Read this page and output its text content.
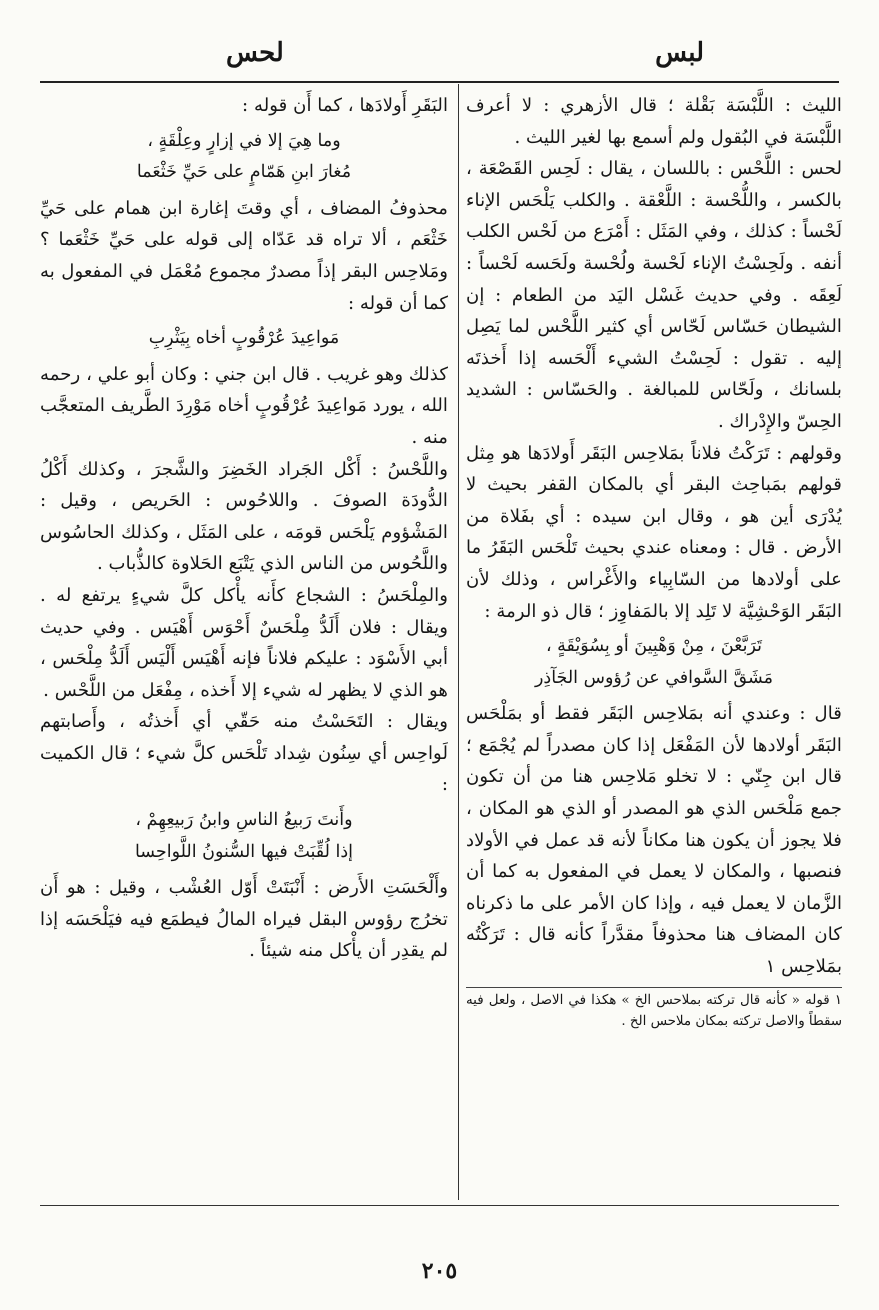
لبس
لحس

الليث : اللَّبْسَة بَقْلة ؛ قال الأزهري : لا أعرف اللَّبْسَة في البُقول ولم أسمع بها لغير الليث .

لحس : اللَّحْس : باللسان ، يقال : لَحِس القَصْعَة ، بالكسر ، واللُّحْسة : اللَّعْقة . والكلب يَلْحَس الإناء لَحْساً : كذلك ، وفي المَثَل : أَمْرَع من لَحْس الكلب أنفه . ولَحِسْتُ الإناء لَحْسة ولُحْسة ولَحَسه لَحْساً : لَعِقَه . وفي حديث غَسْل اليَد من الطعام : إن الشيطان حَسّاس لَحّاس أي كثير اللَّحْس لما يَصِل إليه . تقول : لَحِسْتُ الشيء أَلْحَسه إذا أَخذتَه بلسانك ، ولَحّاس للمبالغة . والحَسّاس : الشديد الحِسّ والإِدْراك .

وقولهم : تَرَكْتُ فلاناً بمَلاحِس البَقَر أَولادَها هو مِثل قولهم بمَباحِث البقر أي بالمكان القفر بحيث لا يُدْرَى أين هو ، وقال ابن سيده : أي بفَلاة من الأرض . قال : ومعناه عندي بحيث تَلْحَس البَقَرُ ما على أولادها من السّابِياء والأَغْراس ، وذلك لأن البَقَر الوَحْشِيَّة لا تَلِد إلا بالمَفاوِز ؛ قال ذو الرمة :

تَرَبَّعْنَ ، مِنْ وَهْبِينَ أو بِسُوَيْقَةٍ ،
مَشَقَّ السَّوافي عن رُؤوس الجَآذِر

قال : وعندي أنه بمَلاحِس البَقَر فقط أو بمَلْحَس البَقَر أولادها لأن المَفْعَل إذا كان مصدراً لم يُجْمَع ؛ قال ابن جِنّي : لا تخلو مَلاحِس هنا من أن تكون جمع مَلْحَس الذي هو المصدر أو الذي هو المكان ، فلا يجوز أن يكون هنا مكاناً لأنه قد عمل في الأولاد فنصبها ، والمكان لا يعمل في المفعول به كما أن الزَّمان لا يعمل فيه ، وإذا كان الأمر على ما ذكرناه كان المضاف هنا محذوفاً مقدَّراً كأنه قال : تَرَكْتُه بمَلاحِس ١

١ قوله « كأنه قال تركته بملاحس الخ » هكذا في الاصل ، ولعل فيه سقطاً والاصل تركته بمكان ملاحس الخ .

البَقَرِ أَولادَها ، كما أَن قوله :

وما هِيَ إلا في إزارٍ وعِلْقَةٍ ،
مُغارَ ابنِ هَمّامٍ على حَيِّ خَثْعَما

محذوفُ المضاف ، أي وقتَ إغارة ابن همام على حَيِّ خَثْعَم ، ألا تراه قد عَدّاه إلى قوله على حَيِّ خَثْعَما ؟ ومَلاحِس البقر إذاً مصدرٌ مجموع مُعْمَل في المفعول به كما أن قوله :

مَواعِيدَ عُرْقُوبٍ أخاه بِيَثْرِبِ

كذلك وهو غريب . قال ابن جني : وكان أبو علي ، رحمه الله ، يورد مَواعِيدَ عُرْقُوبٍ أخاه مَوْرِدَ الطَّريف المتعجَّب منه .

واللَّحْسُ : أَكْل الجَراد الخَضِرَ والشَّجرَ ، وكذلك أَكْلُ الدُّودَة الصوفَ . واللاحُوس : الحَريص ، وقيل : المَشْؤوم يَلْحَس قومَه ، على المَثَل ، وكذلك الحاسُوس واللَّحُوس من الناس الذي يَتْبَع الحَلاوة كالذُّباب .

والمِلْحَسُ : الشجاع كأَنه يأْكل كلَّ شيءٍ يرتفع له . ويقال : فلان أَلَدُّ مِلْحَسٌ أَحْوَس أَهْيَس . وفي حديث أبي الأَسْوَد : عليكم فلاناً فإنه أَهْيَس أَلْيَس أَلَدُّ مِلْحَس ، هو الذي لا يظهر له شيء إلا أَخذه ، مِفْعَل من اللَّحْس .

ويقال : التَحَسْتُ منه حَقّي أي أَخذتُه ، وأَصابتهم لَواحِس أي سِنُون شِداد تَلْحَس كلَّ شيء ؛ قال الكميت :

وأَنتَ رَبيعُ الناسِ وابنُ رَبيعِهِمْ ،
إذا لُقِّبَتْ فيها السُّنونُ اللَّواحِسا

وأَلْحَسَتِ الأَرض : أَنْبَتَتْ أَوّل العُشْب ، وقيل : هو أَن تخرُج رؤوس البقل فيراه المالُ فيطمَع فيه فيَلْحَسَه إذا لم يقدِر أن يأْكل منه شيئاً .

٢٠٥
